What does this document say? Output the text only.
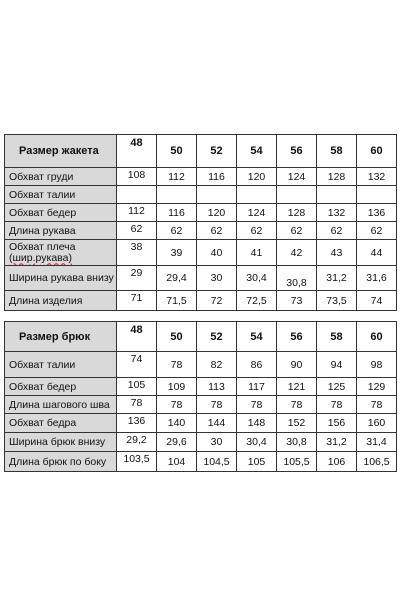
Размер жакета	48	50	52	54	56	58	60
Обхват груди	108	112	116	120	124	128	132
Обхват талии							
Обхват бедер	112	116	120	124	128	132	136
Длина рукава	62	62	62	62	62	62	62

Обхват плеча
(шир.рукава)	38	39	40	41	42	43	44
Ширина рукава внизу	29	29,4	30	30,4	30,8	31,2	31,6
Длина изделия	71	71,5	72	72,5	73	73,5	74
Размер брюк	48	50	52	54	56	58	60
Обхват талии	74	78	82	86	90	94	98
Обхват бедер	105	109	113	117	121	125	129
Длина шагового шва	78	78	78	78	78	78	78
Обхват бедра	136	140	144	148	152	156	160
Ширина брюк внизу	29,2	29,6	30	30,4	30,8	31,2	31,4
Длина брюк по боку	103,5	104	104,5	105	105,5	106	106,5
